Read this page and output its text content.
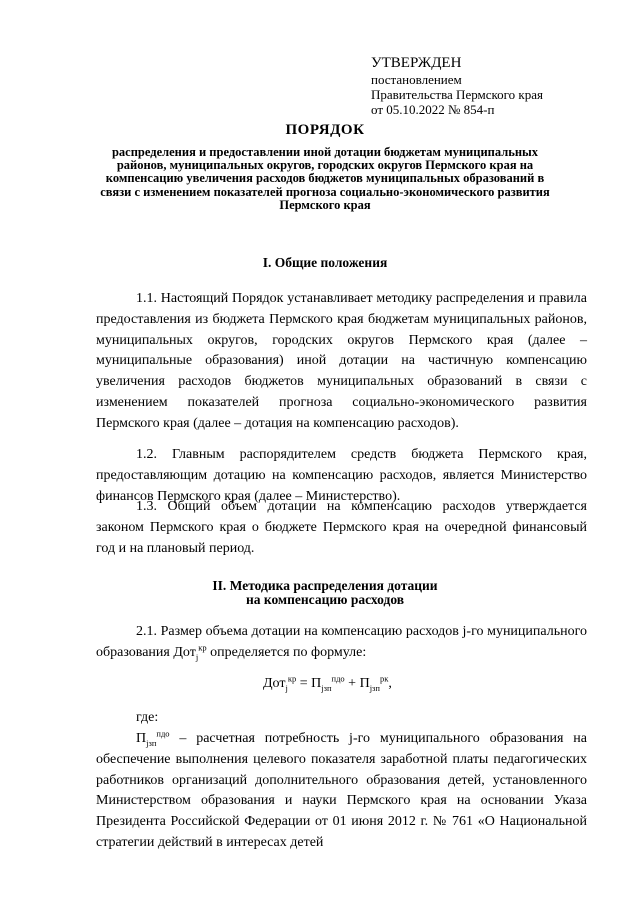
УТВЕРЖДЕН
постановлением
Правительства Пермского края
от 05.10.2022 № 854-п
ПОРЯДОК
распределения и предоставлении иной дотации бюджетам муниципальных районов, муниципальных округов, городских округов Пермского края на компенсацию увеличения расходов бюджетов муниципальных образований в связи с изменением показателей прогноза социально-экономического развития Пермского края
I. Общие положения
1.1. Настоящий Порядок устанавливает методику распределения и правила предоставления из бюджета Пермского края бюджетам муниципальных районов, муниципальных округов, городских округов Пермского края (далее – муниципальные образования) иной дотации на частичную компенсацию увеличения расходов бюджетов муниципальных образований в связи с изменением показателей прогноза социально-экономического развития Пермского края (далее – дотация на компенсацию расходов).
1.2. Главным распорядителем средств бюджета Пермского края, предоставляющим дотацию на компенсацию расходов, является Министерство финансов Пермского края (далее – Министерство).
1.3. Общий объем дотации на компенсацию расходов утверждается законом Пермского края о бюджете Пермского края на очередной финансовый год и на плановый период.
II. Методика распределения дотации
на компенсацию расходов
2.1. Размер объема дотации на компенсацию расходов j-го муниципального образования Дот$_j^{кр}$ определяется по формуле:
$Дот_j^{кр} = П_{jзп}^{пдо} + П_{jзп}^{рк}$,
где:
$П_{jзп}^{пдо}$ – расчетная потребность j-го муниципального образования на обеспечение выполнения целевого показателя заработной платы педагогических работников организаций дополнительного образования детей, установленного Министерством образования и науки Пермского края на основании Указа Президента Российской Федерации от 01 июня 2012 г. № 761 «О Национальной стратегии действий в интересах детей
